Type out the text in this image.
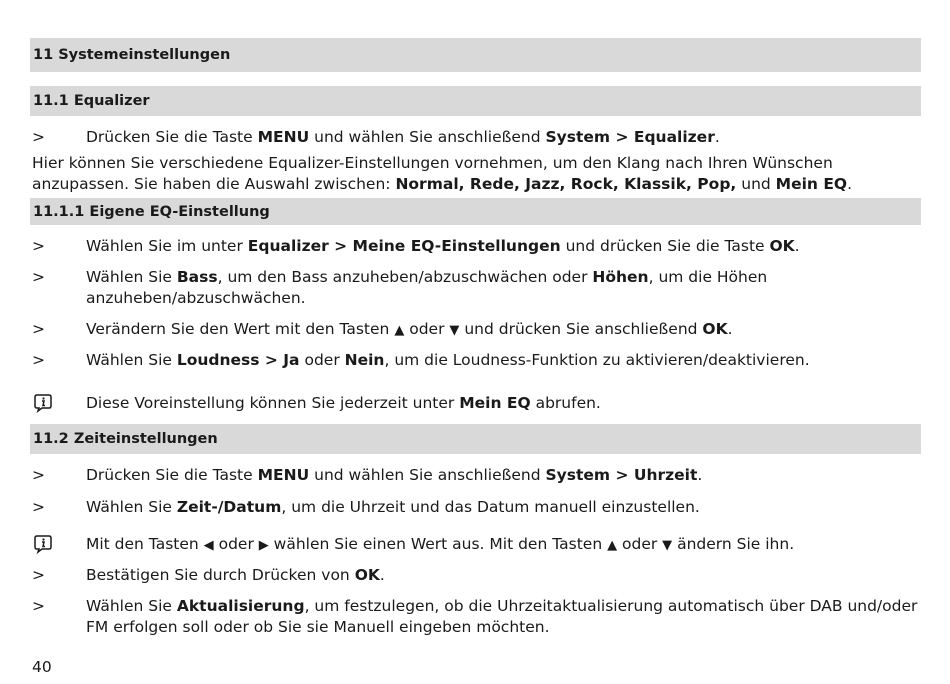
11 Systemeinstellungen
11.1 Equalizer
>	Drücken Sie die Taste MENU und wählen Sie anschließend System > Equalizer.
Hier können Sie verschiedene Equalizer-Einstellungen vornehmen, um den Klang nach Ihren Wünschen
anzupassen. Sie haben die Auswahl zwischen: Normal, Rede, Jazz, Rock, Klassik, Pop, und Mein EQ.
11.1.1 Eigene EQ-Einstellung
>	Wählen Sie im unter Equalizer > Meine EQ-Einstellungen und drücken Sie die Taste OK.
>	Wählen Sie Bass, um den Bass anzuheben/abzuschwächen oder Höhen, um die Höhen
anzuheben/abzuschwächen.
>	Verändern Sie den Wert mit den Tasten ▲ oder ▼ und drücken Sie anschließend OK.
>	Wählen Sie Loudness > Ja oder Nein, um die Loudness-Funktion zu aktivieren/deaktivieren.
Diese Voreinstellung können Sie jederzeit unter Mein EQ abrufen.
11.2 Zeiteinstellungen
>	Drücken Sie die Taste MENU und wählen Sie anschließend System > Uhrzeit.
>	Wählen Sie Zeit-/Datum, um die Uhrzeit und das Datum manuell einzustellen.
Mit den Tasten ◀ oder ▶ wählen Sie einen Wert aus. Mit den Tasten ▲ oder ▼ ändern Sie ihn.
>	Bestätigen Sie durch Drücken von OK.
>	Wählen Sie Aktualisierung, um festzulegen, ob die Uhrzeitaktualisierung automatisch über DAB und/oder
FM erfolgen soll oder ob Sie sie Manuell eingeben möchten.
40
